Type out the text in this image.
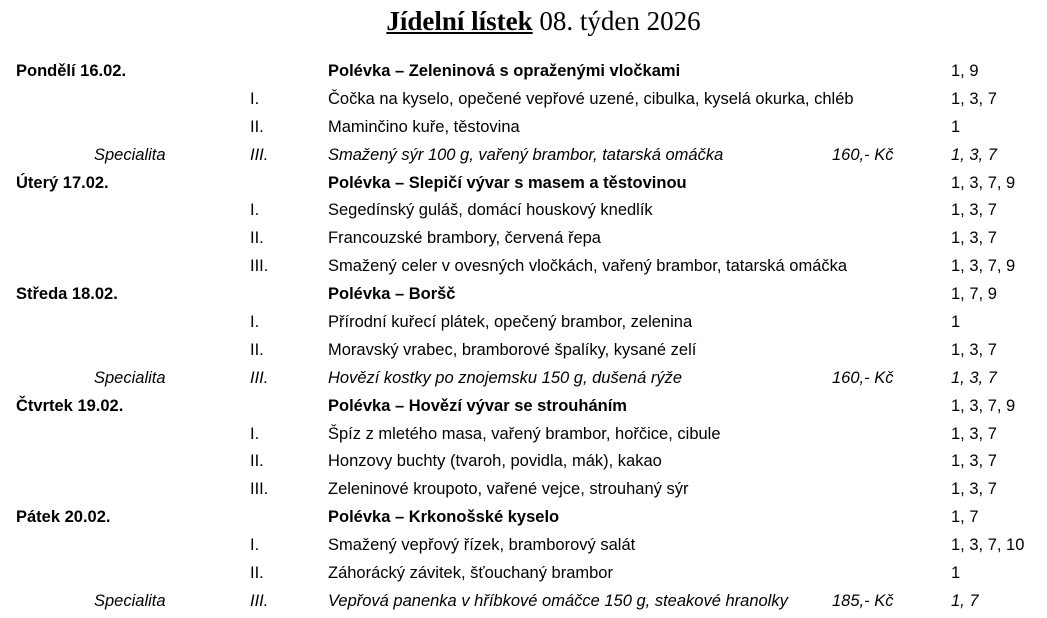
Jídelní lístek 08. týden 2026
Pondělí 16.02.	Polévka – Zeleninová s opraženými vločkami	1, 9
I.	Čočka na kyselo, opečené vepřové uzené, cibulka, kyselá okurka, chléb	1, 3, 7
II.	Maminčino kuře, těstovina	1
Specialita	III.	Smažený sýr 100 g, vařený brambor, tatarská omáčka	160,- Kč	1, 3, 7
Úterý 17.02.	Polévka – Slepičí vývar s masem a těstovinou	1, 3, 7, 9
I.	Segedínský guláš, domácí houskový knedlík	1, 3, 7
II.	Francouzské brambory, červená řepa	1, 3, 7
III.	Smažený celer v ovesných vločkách, vařený brambor, tatarská omáčka	1, 3, 7, 9
Středa 18.02.	Polévka – Boršč	1, 7, 9
I.	Přírodní kuřecí plátek, opečený brambor, zelenina	1
II.	Moravský vrabec, bramborové špalíky, kysané zelí	1, 3, 7
Specialita	III.	Hovězí kostky po znojemsku 150 g, dušená rýže	160,- Kč	1, 3, 7
Čtvrtek 19.02.	Polévka – Hovězí vývar se strouháním	1, 3, 7, 9
I.	Špíz z mletého masa, vařený brambor, hořčice, cibule	1, 3, 7
II.	Honzovy buchty (tvaroh, povidla, mák), kakao	1, 3, 7
III.	Zeleninové kroupoto, vařené vejce, strouhaný sýr	1, 3, 7
Pátek 20.02.	Polévka – Krkonošské kyselo	1, 7
I.	Smažený vepřový řízek, bramborový salát	1, 3, 7, 10
II.	Záhorácký závitek, šťouchaný brambor	1
Specialita	III.	Vepřová panenka v hříbkové omáčce 150 g, steakové hranolky	185,- Kč	1, 7
